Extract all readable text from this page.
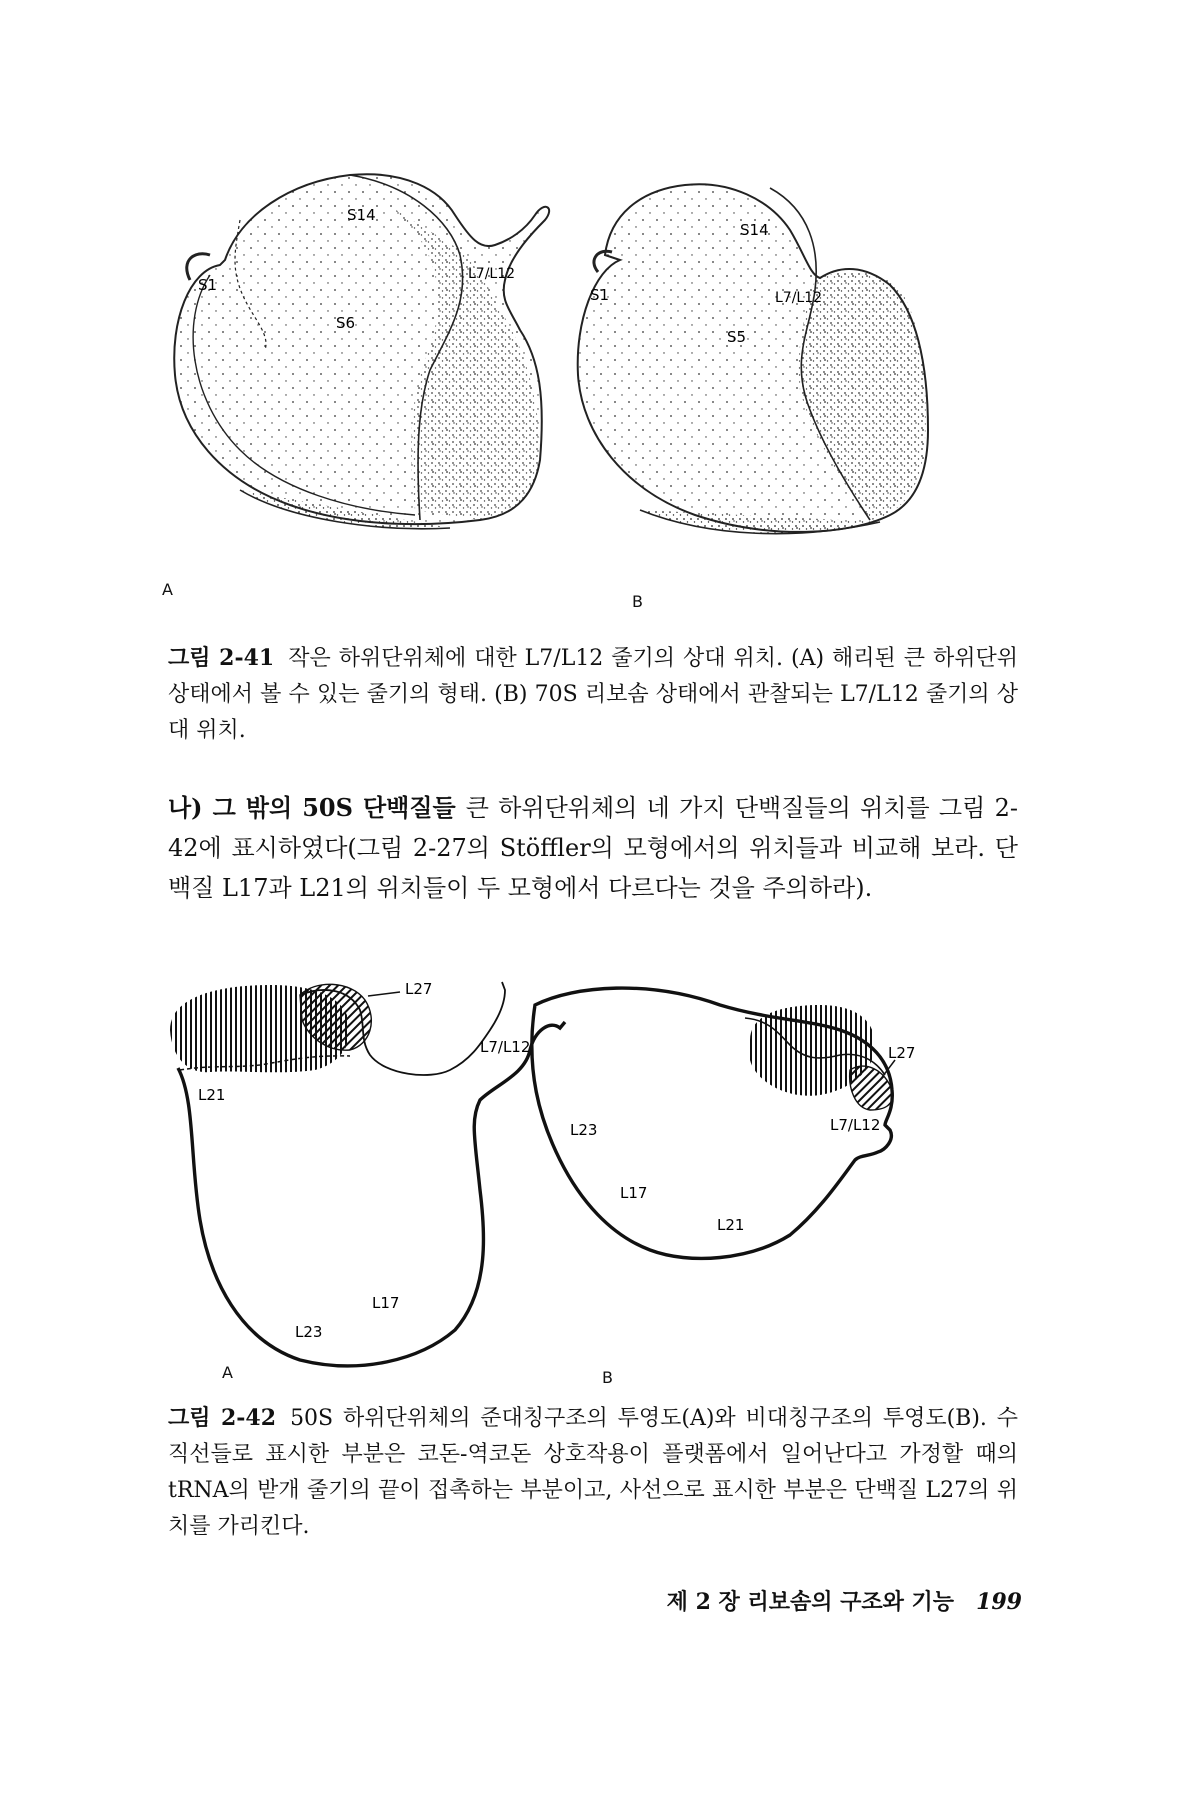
S14
S1
L7/L12
S6
S14
S1	L7/L12
S5
A
B
그림 2-41 작은 하위단위체에 대한 L7/L12 줄기의 상대 위치. (A) 해리된 큰 하위단위 상태에서 볼 수 있는 줄기의 형태. (B) 70S 리보솜 상태에서 관찰되는 L7/L12 줄기의 상대 위치.
나) 그 밖의 50S 단백질들 큰 하위단위체의 네 가지 단백질들의 위치를 그림 2-42에 표시하였다(그림 2-27의 Stöffler의 모형에서의 위치들과 비교해 보라. 단백질 L17과 L21의 위치들이 두 모형에서 다르다는 것을 주의하라).
L27
L7/L12
L21
L23
L17
L27
L23	L7/L12
L17
L21
A	B
그림 2-42 50S 하위단위체의 준대칭구조의 투영도(A)와 비대칭구조의 투영도(B). 수직선들로 표시한 부분은 코돈-역코돈 상호작용이 플랫폼에서 일어난다고 가정할 때의 tRNA의 받개 줄기의 끝이 접촉하는 부분이고, 사선으로 표시한 부분은 단백질 L27의 위치를 가리킨다.
제 2 장 리보솜의 구조와 기능 199
